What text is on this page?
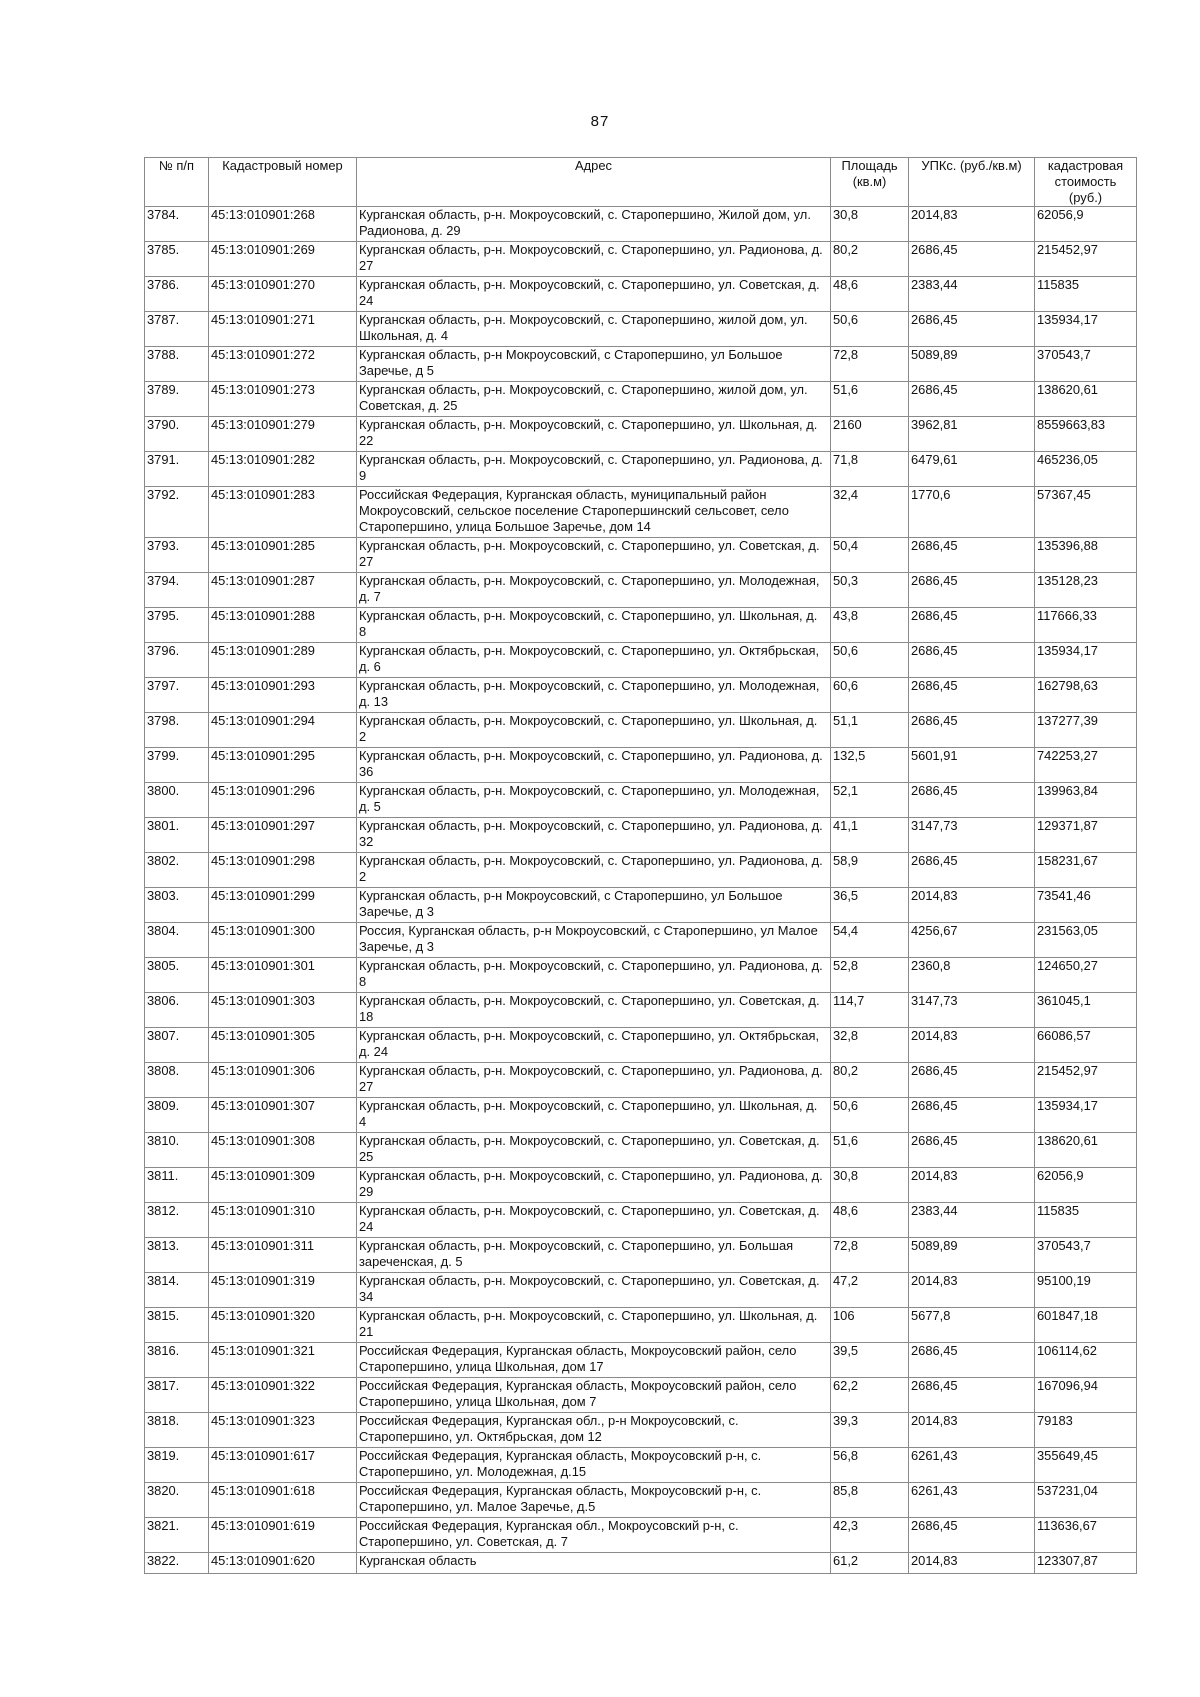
87
№ п/п	Кадастровый номер	Адрес	Площадь (кв.м)	УПКс. (руб./кв.м)	кадастровая стоимость (руб.)
3784.	45:13:010901:268	Курганская область, р-н. Мокроусовский, с. Старопершино, Жилой дом, ул. Радионова, д. 29	30,8	2014,83	62056,9
3785.	45:13:010901:269	Курганская область, р-н. Мокроусовский, с. Старопершино, ул. Радионова, д. 27	80,2	2686,45	215452,97
3786.	45:13:010901:270	Курганская область, р-н. Мокроусовский, с. Старопершино, ул. Советская, д. 24	48,6	2383,44	115835
3787.	45:13:010901:271	Курганская область, р-н. Мокроусовский, с. Старопершино, жилой дом, ул. Школьная, д. 4	50,6	2686,45	135934,17
3788.	45:13:010901:272	Курганская область, р-н Мокроусовский, с Старопершино, ул Большое Заречье, д 5	72,8	5089,89	370543,7
3789.	45:13:010901:273	Курганская область, р-н. Мокроусовский, с. Старопершино, жилой дом, ул. Советская, д. 25	51,6	2686,45	138620,61
3790.	45:13:010901:279	Курганская область, р-н. Мокроусовский, с. Старопершино, ул. Школьная, д. 22	2160	3962,81	8559663,83
3791.	45:13:010901:282	Курганская область, р-н. Мокроусовский, с. Старопершино, ул. Радионова, д. 9	71,8	6479,61	465236,05
3792.	45:13:010901:283	Российская Федерация, Курганская область, муниципальный район Мокроусовский, сельское поселение Старопершинский сельсовет, село Старопершино, улица Большое Заречье, дом 14	32,4	1770,6	57367,45
3793.	45:13:010901:285	Курганская область, р-н. Мокроусовский, с. Старопершино, ул. Советская, д. 27	50,4	2686,45	135396,88
3794.	45:13:010901:287	Курганская область, р-н. Мокроусовский, с. Старопершино, ул. Молодежная, д. 7	50,3	2686,45	135128,23
3795.	45:13:010901:288	Курганская область, р-н. Мокроусовский, с. Старопершино, ул. Школьная, д. 8	43,8	2686,45	117666,33
3796.	45:13:010901:289	Курганская область, р-н. Мокроусовский, с. Старопершино, ул. Октябрьская, д. 6	50,6	2686,45	135934,17
3797.	45:13:010901:293	Курганская область, р-н. Мокроусовский, с. Старопершино, ул. Молодежная, д. 13	60,6	2686,45	162798,63
3798.	45:13:010901:294	Курганская область, р-н. Мокроусовский, с. Старопершино, ул. Школьная, д. 2	51,1	2686,45	137277,39
3799.	45:13:010901:295	Курганская область, р-н. Мокроусовский, с. Старопершино, ул. Радионова, д. 36	132,5	5601,91	742253,27
3800.	45:13:010901:296	Курганская область, р-н. Мокроусовский, с. Старопершино, ул. Молодежная, д. 5	52,1	2686,45	139963,84
3801.	45:13:010901:297	Курганская область, р-н. Мокроусовский, с. Старопершино, ул. Радионова, д. 32	41,1	3147,73	129371,87
3802.	45:13:010901:298	Курганская область, р-н. Мокроусовский, с. Старопершино, ул. Радионова, д. 2	58,9	2686,45	158231,67
3803.	45:13:010901:299	Курганская область, р-н Мокроусовский, с Старопершино, ул Большое Заречье, д 3	36,5	2014,83	73541,46
3804.	45:13:010901:300	Россия, Курганская область, р-н Мокроусовский, с Старопершино, ул Малое Заречье, д 3	54,4	4256,67	231563,05
3805.	45:13:010901:301	Курганская область, р-н. Мокроусовский, с. Старопершино, ул. Радионова, д. 8	52,8	2360,8	124650,27
3806.	45:13:010901:303	Курганская область, р-н. Мокроусовский, с. Старопершино, ул. Советская, д. 18	114,7	3147,73	361045,1
3807.	45:13:010901:305	Курганская область, р-н. Мокроусовский, с. Старопершино, ул. Октябрьская, д. 24	32,8	2014,83	66086,57
3808.	45:13:010901:306	Курганская область, р-н. Мокроусовский, с. Старопершино, ул. Радионова, д. 27	80,2	2686,45	215452,97
3809.	45:13:010901:307	Курганская область, р-н. Мокроусовский, с. Старопершино, ул. Школьная, д. 4	50,6	2686,45	135934,17
3810.	45:13:010901:308	Курганская область, р-н. Мокроусовский, с. Старопершино, ул. Советская, д. 25	51,6	2686,45	138620,61
3811.	45:13:010901:309	Курганская область, р-н. Мокроусовский, с. Старопершино, ул. Радионова, д. 29	30,8	2014,83	62056,9
3812.	45:13:010901:310	Курганская область, р-н. Мокроусовский, с. Старопершино, ул. Советская, д. 24	48,6	2383,44	115835
3813.	45:13:010901:311	Курганская область, р-н. Мокроусовский, с. Старопершино, ул. Большая зареченская, д. 5	72,8	5089,89	370543,7
3814.	45:13:010901:319	Курганская область, р-н. Мокроусовский, с. Старопершино, ул. Советская, д. 34	47,2	2014,83	95100,19
3815.	45:13:010901:320	Курганская область, р-н. Мокроусовский, с. Старопершино, ул. Школьная, д. 21	106	5677,8	601847,18
3816.	45:13:010901:321	Российская Федерация, Курганская область, Мокроусовский район, село Старопершино, улица Школьная, дом 17	39,5	2686,45	106114,62
3817.	45:13:010901:322	Российская Федерация, Курганская область, Мокроусовский район, село Старопершино, улица Школьная, дом 7	62,2	2686,45	167096,94
3818.	45:13:010901:323	Российская Федерация, Курганская обл., р-н Мокроусовский, с. Старопершино, ул. Октябрьская, дом 12	39,3	2014,83	79183
3819.	45:13:010901:617	Российская Федерация, Курганская область, Мокроусовский р-н, с. Старопершино, ул. Молодежная, д.15	56,8	6261,43	355649,45
3820.	45:13:010901:618	Российская Федерация, Курганская область, Мокроусовский р-н, с. Старопершино, ул. Малое Заречье, д.5	85,8	6261,43	537231,04
3821.	45:13:010901:619	Российская Федерация, Курганская обл., Мокроусовский р-н, с. Старопершино, ул. Советская, д. 7	42,3	2686,45	113636,67
3822.	45:13:010901:620	Курганская область	61,2	2014,83	123307,87
